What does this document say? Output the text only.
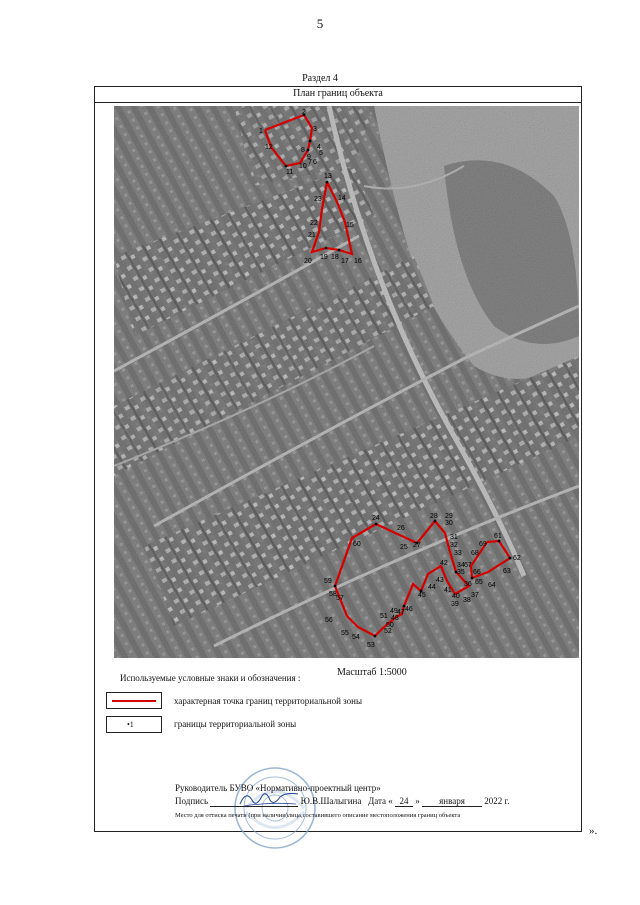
5
Раздел 4
План границ объекта
1
2
3
4
5
6
7
8
9
10
11
12
13
14
15
16
17
18
19
20
21
22
23
24
25
26
27
28 29
30
31
32
33
34
35
36
37
38
39
40
41
42
43
44
45
46
47
48
49
50
51
52
53
54
55
56
57
58
59
60
61
62
63
64
65
66
67
68
69
Масштаб 1:5000
Используемые условные знаки и обозначения :
характерная точка границ территориальной зоны
•1	границы территориальной зоны
Руководитель БУВО «Нормативно-проектный центр»
Подпись	Ю.В.Шалыгина Дата « 24 » января 2022 г.
Место для оттиска печати (при наличии)лица,составившего описание местоположения границ объекта
».
